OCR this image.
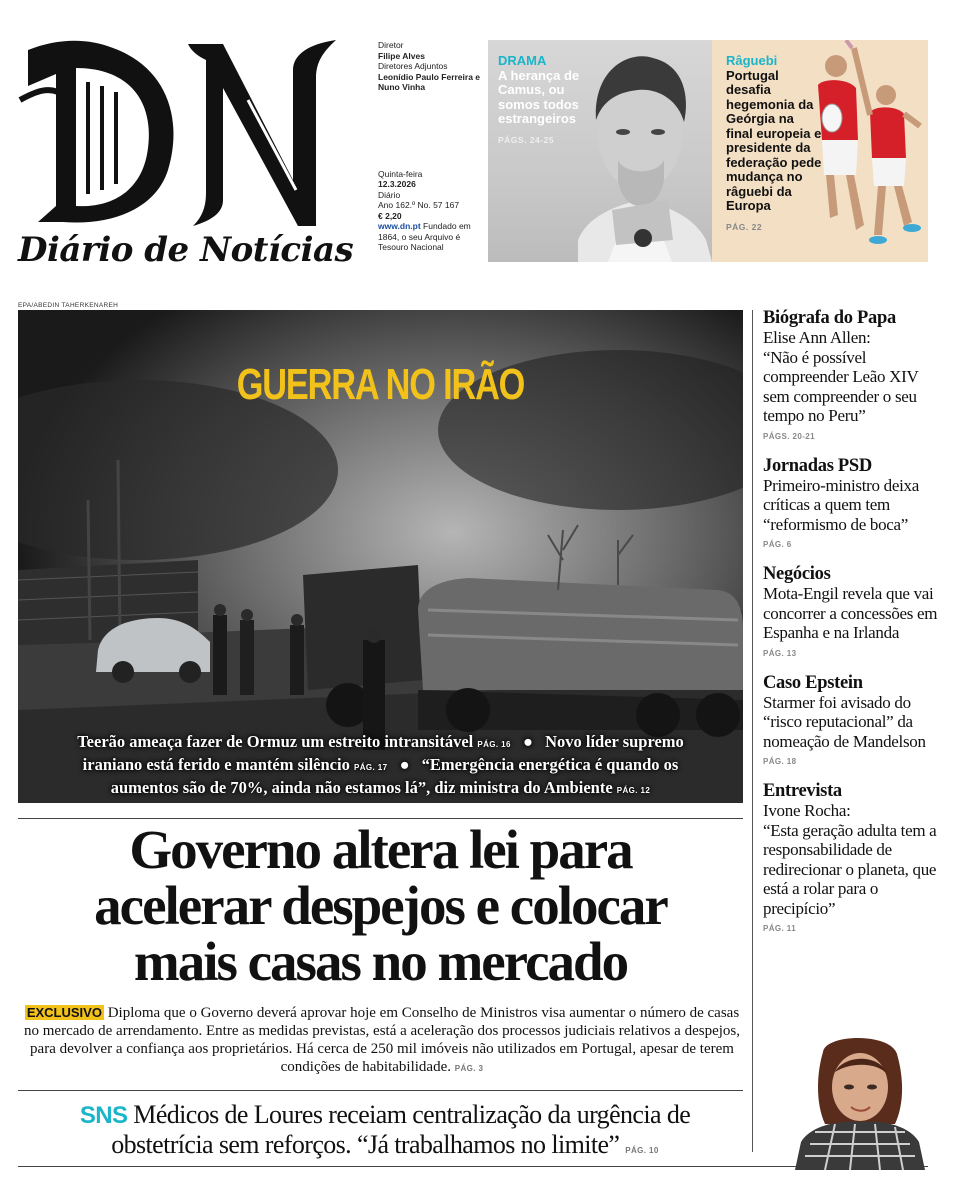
Diário de Notícias
Diretor
Filipe Alves
Diretores Adjuntos
Leonídio Paulo Ferreira e Nuno Vinha
Quinta-feira

12.3.2026
Diário
Ano 162.º No. 57 167

€ 2,20
www.dn.pt Fundado em 1864, o seu Arquivo é Tesouro Nacional
DRAMA
A herança de Camus, ou somos todos estrangeiros
PÁGS. 24-25
Râguebi
Portugal desafia hegemonia da Geórgia na final europeia e presidente da federação pede mudança no râguebi da Europa
PÁG. 22
EPA/ABEDIN TAHERKENAREH
GUERRA NO IRÃO
Teerão ameaça fazer de Ormuz um estreito intransitável PÁG. 16 ● Novo líder supremo iraniano está ferido e mantém silêncio PÁG. 17 ● “Emergência energética é quando os aumentos são de 70%, ainda não estamos lá”, diz ministra do Ambiente PÁG. 12
Governo altera lei para
acelerar despejos e colocar
mais casas no mercado
EXCLUSIVO Diploma que o Governo deverá aprovar hoje em Conselho de Ministros visa aumentar o número de casas no mercado de arrendamento. Entre as medidas previstas, está a aceleração dos processos judiciais relativos a despejos, para devolver a confiança aos proprietários. Há cerca de 250 mil imóveis não utilizados em Portugal, apesar de terem condições de habitabilidade. PÁG. 3
SNS Médicos de Loures receiam centralização da urgência de obstetrícia sem reforços. “Já trabalhamos no limite” PÁG. 10
Biógrafa do Papa
Elise Ann Allen:
“Não é possível compreender Leão XIV sem compreender o seu tempo no Peru”
PÁGS. 20-21
Jornadas PSD
Primeiro-ministro deixa críticas a quem tem “reformismo de boca”
PÁG. 6
Negócios
Mota-Engil revela que vai concorrer a concessões em Espanha e na Irlanda
PÁG. 13
Caso Epstein
Starmer foi avisado do “risco reputacional” da nomeação de Mandelson
PÁG. 18
Entrevista
Ivone Rocha:
“Esta geração adulta tem a responsabilidade de redirecionar o planeta, que está a rolar para o precipício”
PÁG. 11
